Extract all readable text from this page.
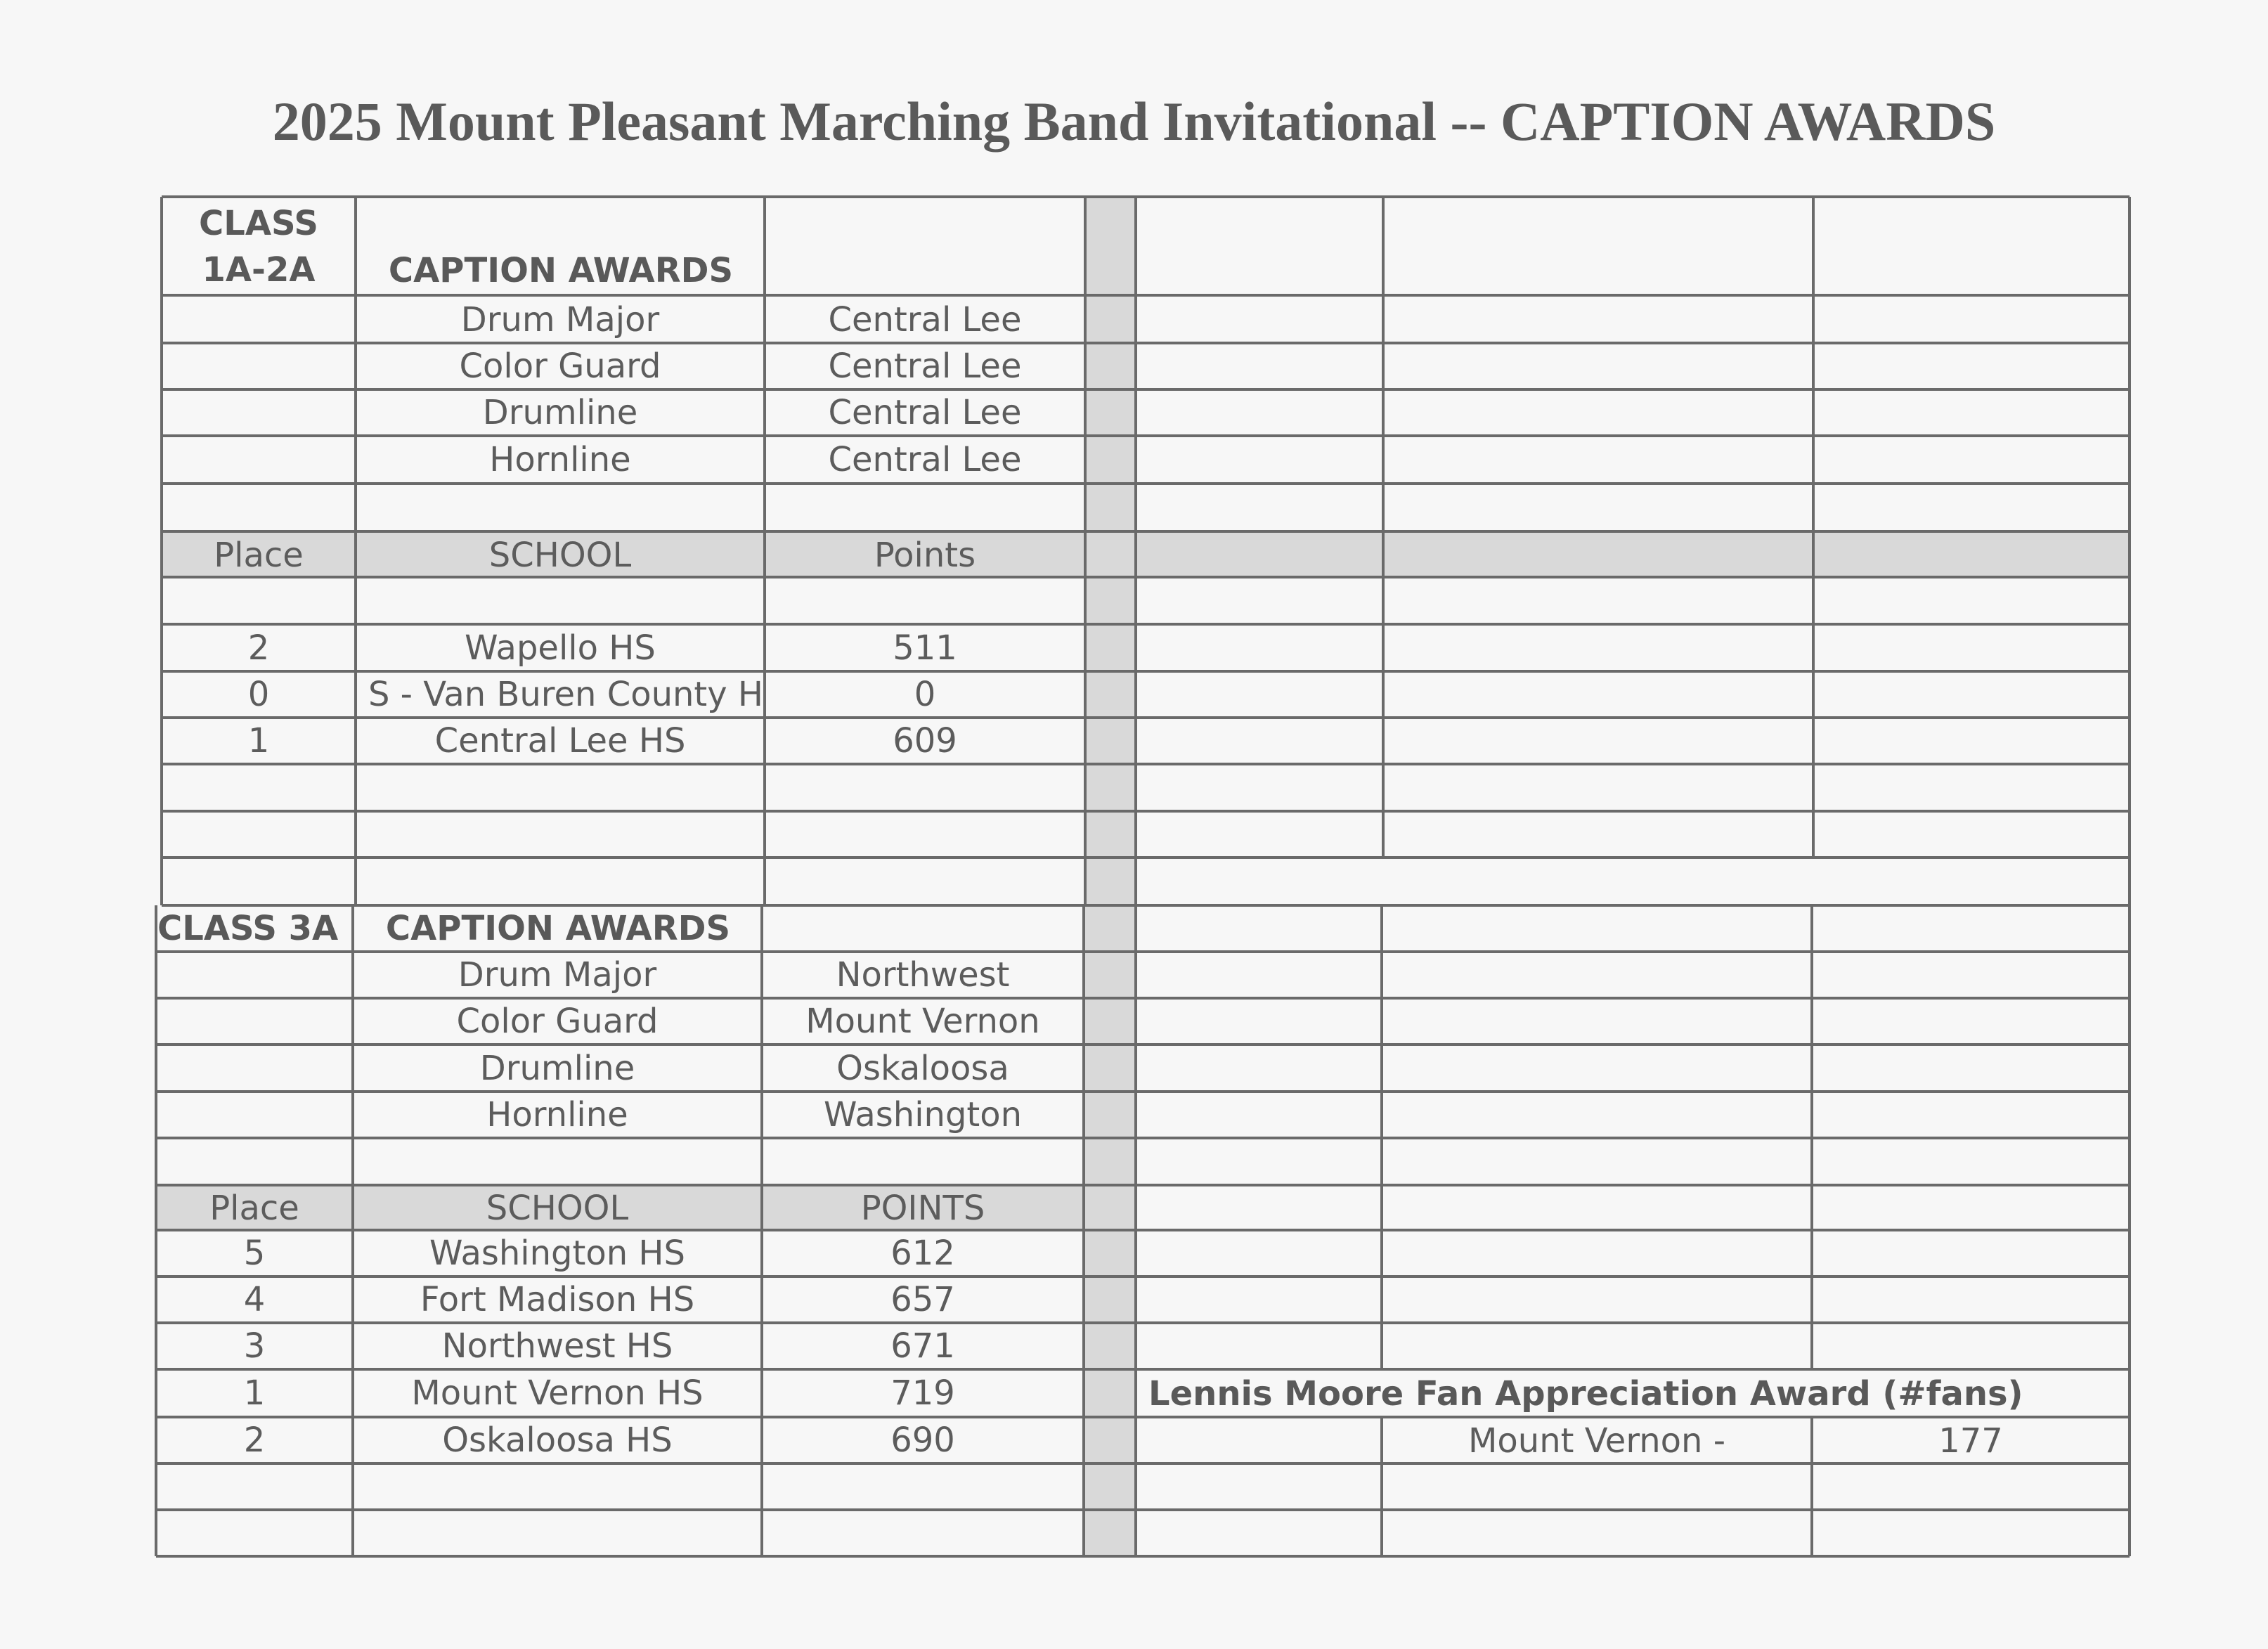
2025 Mount Pleasant Marching Band Invitational -- CAPTION AWARDS
CLASS
1A-2A	CAPTION AWARDS
Drum Major	Central Lee
Color Guard	Central Lee
Drumline	Central Lee
Hornline	Central Lee
Place	SCHOOL	Points
2	Wapello HS	511
0	S - Van Buren County H	0
1	Central Lee HS	609
CLASS 3A	CAPTION AWARDS
Drum Major	Northwest
Color Guard	Mount Vernon
Drumline	Oskaloosa
Hornline	Washington
Place	SCHOOL	POINTS
5	Washington HS	612
4	Fort Madison HS	657
3	Northwest HS	671
1	Mount Vernon HS	719
2	Oskaloosa HS	690
Lennis Moore Fan Appreciation Award (#fans)
Mount Vernon -	177
